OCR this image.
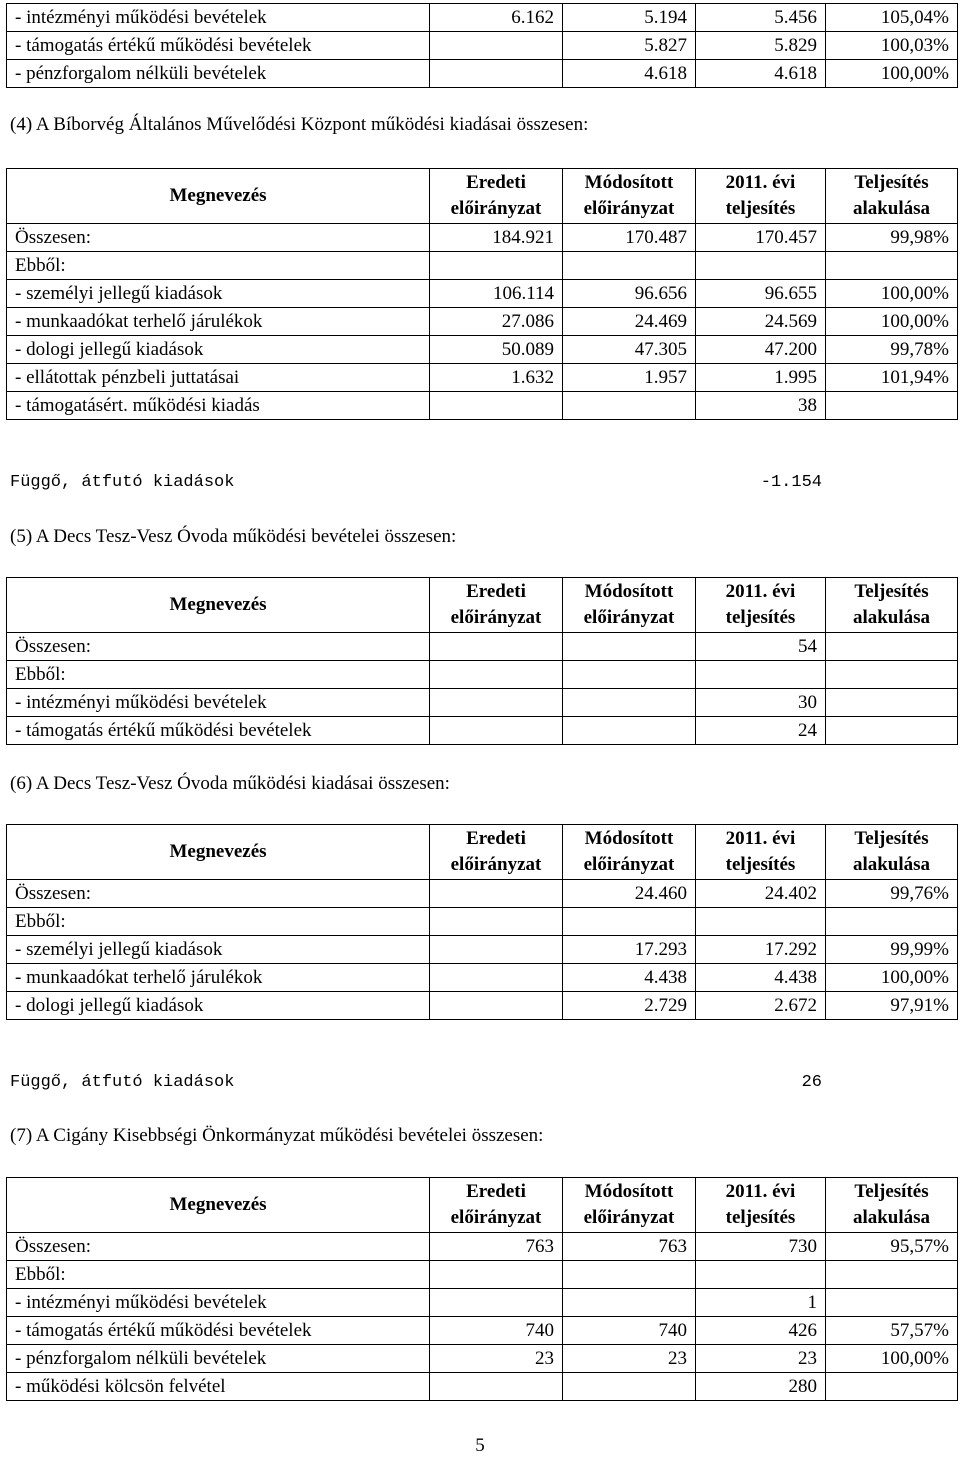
- intézményi működési bevételek	6.162	5.194	5.456	105,04%
- támogatás értékű működési bevételek		5.827	5.829	100,03%
- pénzforgalom nélküli bevételek		4.618	4.618	100,00%
(4) A Bíborvég Általános Művelődési Központ működési kiadásai összesen:
Megnevezés	Eredeti előirányzat	Módosított előirányzat	2011. évi teljesítés	Teljesítés alakulása
Összesen:	184.921	170.487	170.457	99,98%
Ebből:				
- személyi jellegű kiadások	106.114	96.656	96.655	100,00%
- munkaadókat terhelő járulékok	27.086	24.469	24.569	100,00%
- dologi jellegű kiadások	50.089	47.305	47.200	99,78%
- ellátottak pénzbeli juttatásai	1.632	1.957	1.995	101,94%
- támogatásért. működési kiadás			38	
Függő, átfutó kiadások	-1.154
(5) A Decs Tesz-Vesz Óvoda működési bevételei összesen:
Megnevezés	Eredeti előirányzat	Módosított előirányzat	2011. évi teljesítés	Teljesítés alakulása
Összesen:			54	
Ebből:				
- intézményi működési bevételek			30	
- támogatás értékű működési bevételek			24	
(6) A Decs Tesz-Vesz Óvoda működési kiadásai összesen:
Megnevezés	Eredeti előirányzat	Módosított előirányzat	2011. évi teljesítés	Teljesítés alakulása
Összesen:		24.460	24.402	99,76%
Ebből:				
- személyi jellegű kiadások		17.293	17.292	99,99%
- munkaadókat terhelő járulékok		4.438	4.438	100,00%
- dologi jellegű kiadások		2.729	2.672	97,91%
Függő, átfutó kiadások	26
(7) A Cigány Kisebbségi Önkormányzat működési bevételei összesen:
Megnevezés	Eredeti előirányzat	Módosított előirányzat	2011. évi teljesítés	Teljesítés alakulása
Összesen:	763	763	730	95,57%
Ebből:				
- intézményi működési bevételek			1	
- támogatás értékű működési bevételek	740	740	426	57,57%
- pénzforgalom nélküli bevételek	23	23	23	100,00%
- működési kölcsön felvétel			280	
5
